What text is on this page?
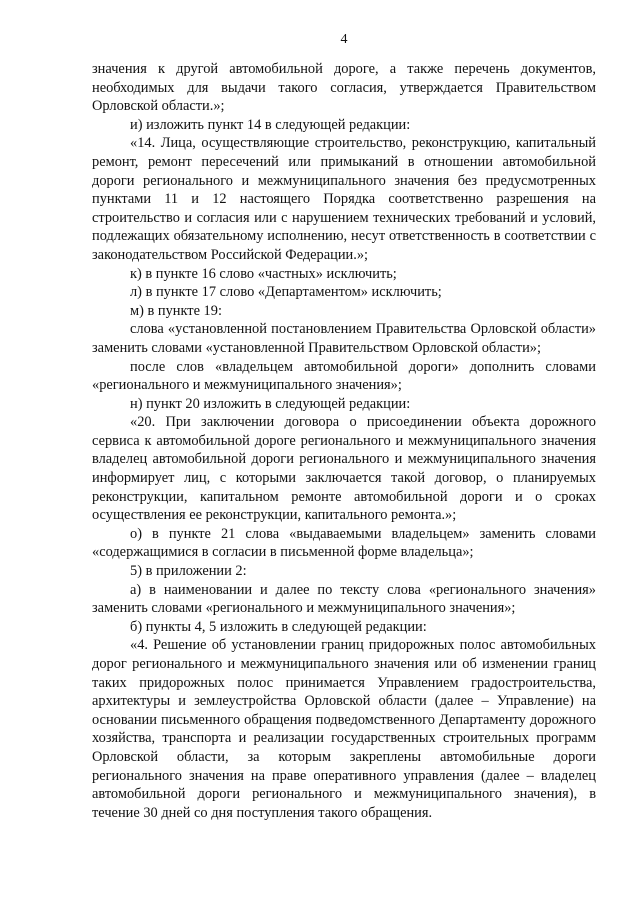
4

значения к другой автомобильной дороге, а также перечень документов, необходимых для выдачи такого согласия, утверждается Правительством Орловской области.»;

и) изложить пункт 14 в следующей редакции:

«14. Лица, осуществляющие строительство, реконструкцию, капитальный ремонт, ремонт пересечений или примыканий в отношении автомобильной дороги регионального и межмуниципального значения без предусмотренных пунктами 11 и 12 настоящего Порядка соответственно разрешения на строительство и согласия или с нарушением технических требований и условий, подлежащих обязательному исполнению, несут ответственность в соответствии с законодательством Российской Федерации.»;

к) в пункте 16 слово «частных» исключить;

л) в пункте 17 слово «Департаментом» исключить;

м) в пункте 19:

слова «установленной постановлением Правительства Орловской области» заменить словами «установленной Правительством Орловской области»;

после слов «владельцем автомобильной дороги» дополнить словами «регионального и межмуниципального значения»;

н) пункт 20 изложить в следующей редакции:

«20. При заключении договора о присоединении объекта дорожного сервиса к автомобильной дороге регионального и межмуниципального значения владелец автомобильной дороги регионального и межмуниципального значения информирует лиц, с которыми заключается такой договор, о планируемых реконструкции, капитальном ремонте автомобильной дороги и о сроках осуществления ее реконструкции, капитального ремонта.»;

о) в пункте 21 слова «выдаваемыми владельцем» заменить словами «содержащимися в согласии в письменной форме владельца»;

5) в приложении 2:

а) в наименовании и далее по тексту слова «регионального значения» заменить словами «регионального и межмуниципального значения»;

б) пункты 4, 5 изложить в следующей редакции:

«4. Решение об установлении границ придорожных полос автомобильных дорог регионального и межмуниципального значения или об изменении границ таких придорожных полос принимается Управлением градостроительства, архитектуры и землеустройства Орловской области (далее – Управление) на основании письменного обращения подведомственного Департаменту дорожного хозяйства, транспорта и реализации государственных строительных программ Орловской области, за которым закреплены автомобильные дороги регионального значения на праве оперативного управления (далее – владелец автомобильной дороги регионального и межмуниципального значения), в течение 30 дней со дня поступления такого обращения.
